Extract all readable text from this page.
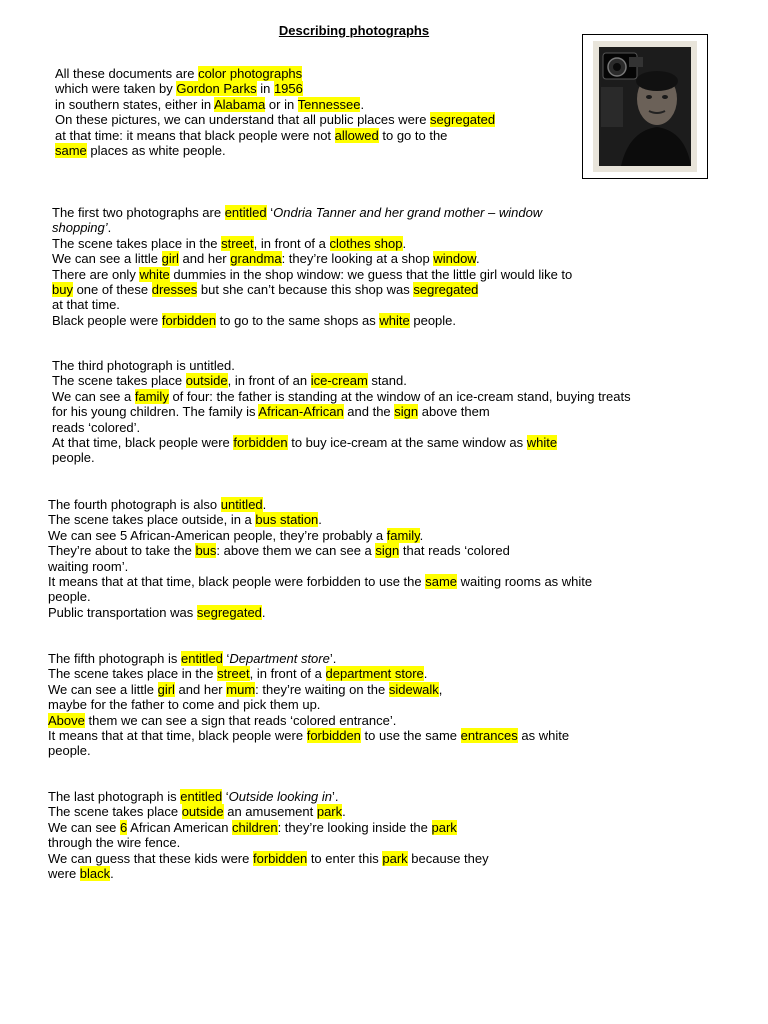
Describing photographs
All these documents are color photographs
which were taken by Gordon Parks in 1956
in southern states, either in Alabama or in Tennessee.
On these pictures, we can understand that all public places were segregated
at that time: it means that black people were not allowed to go to the
same places as white people.
The first two photographs are entitled ‘Ondria Tanner and her grand mother – window
shopping’.
The scene takes place in the street, in front of a clothes shop.
We can see a little girl and her grandma: they’re looking at a shop window.
There are only white dummies in the shop window: we guess that the little girl would like to
buy one of these dresses but she can’t because this shop was segregated
at that time.
Black people were forbidden to go to the same shops as white people.
The third photograph is untitled.
The scene takes place outside, in front of an ice-cream stand.
We can see a family of four: the father is standing at the window of an ice-cream stand, buying treats
for his young children. The family is African-African and the sign above them
reads ‘colored’.
At that time, black people were forbidden to buy ice-cream at the same window as white
people.
The fourth photograph is also untitled.
The scene takes place outside, in a bus station.
We can see 5 African-American people, they’re probably a family.
They’re about to take the bus: above them we can see a sign that reads ‘colored
waiting room’.
It means that at that time, black people were forbidden to use the same waiting rooms as white
people.
Public transportation was segregated.
The fifth photograph is entitled ‘Department store’.
The scene takes place in the street, in front of a department store.
We can see a little girl and her mum: they’re waiting on the sidewalk,
maybe for the father to come and pick them up.
Above them we can see a sign that reads ‘colored entrance’.
It means that at that time, black people were forbidden to use the same entrances as white
people.
The last photograph is entitled ‘Outside looking in’.
The scene takes place outside an amusement park.
We can see 6 African American children: they’re looking inside the park
through the wire fence.
We can guess that these kids were forbidden to enter this park because they
were black.
